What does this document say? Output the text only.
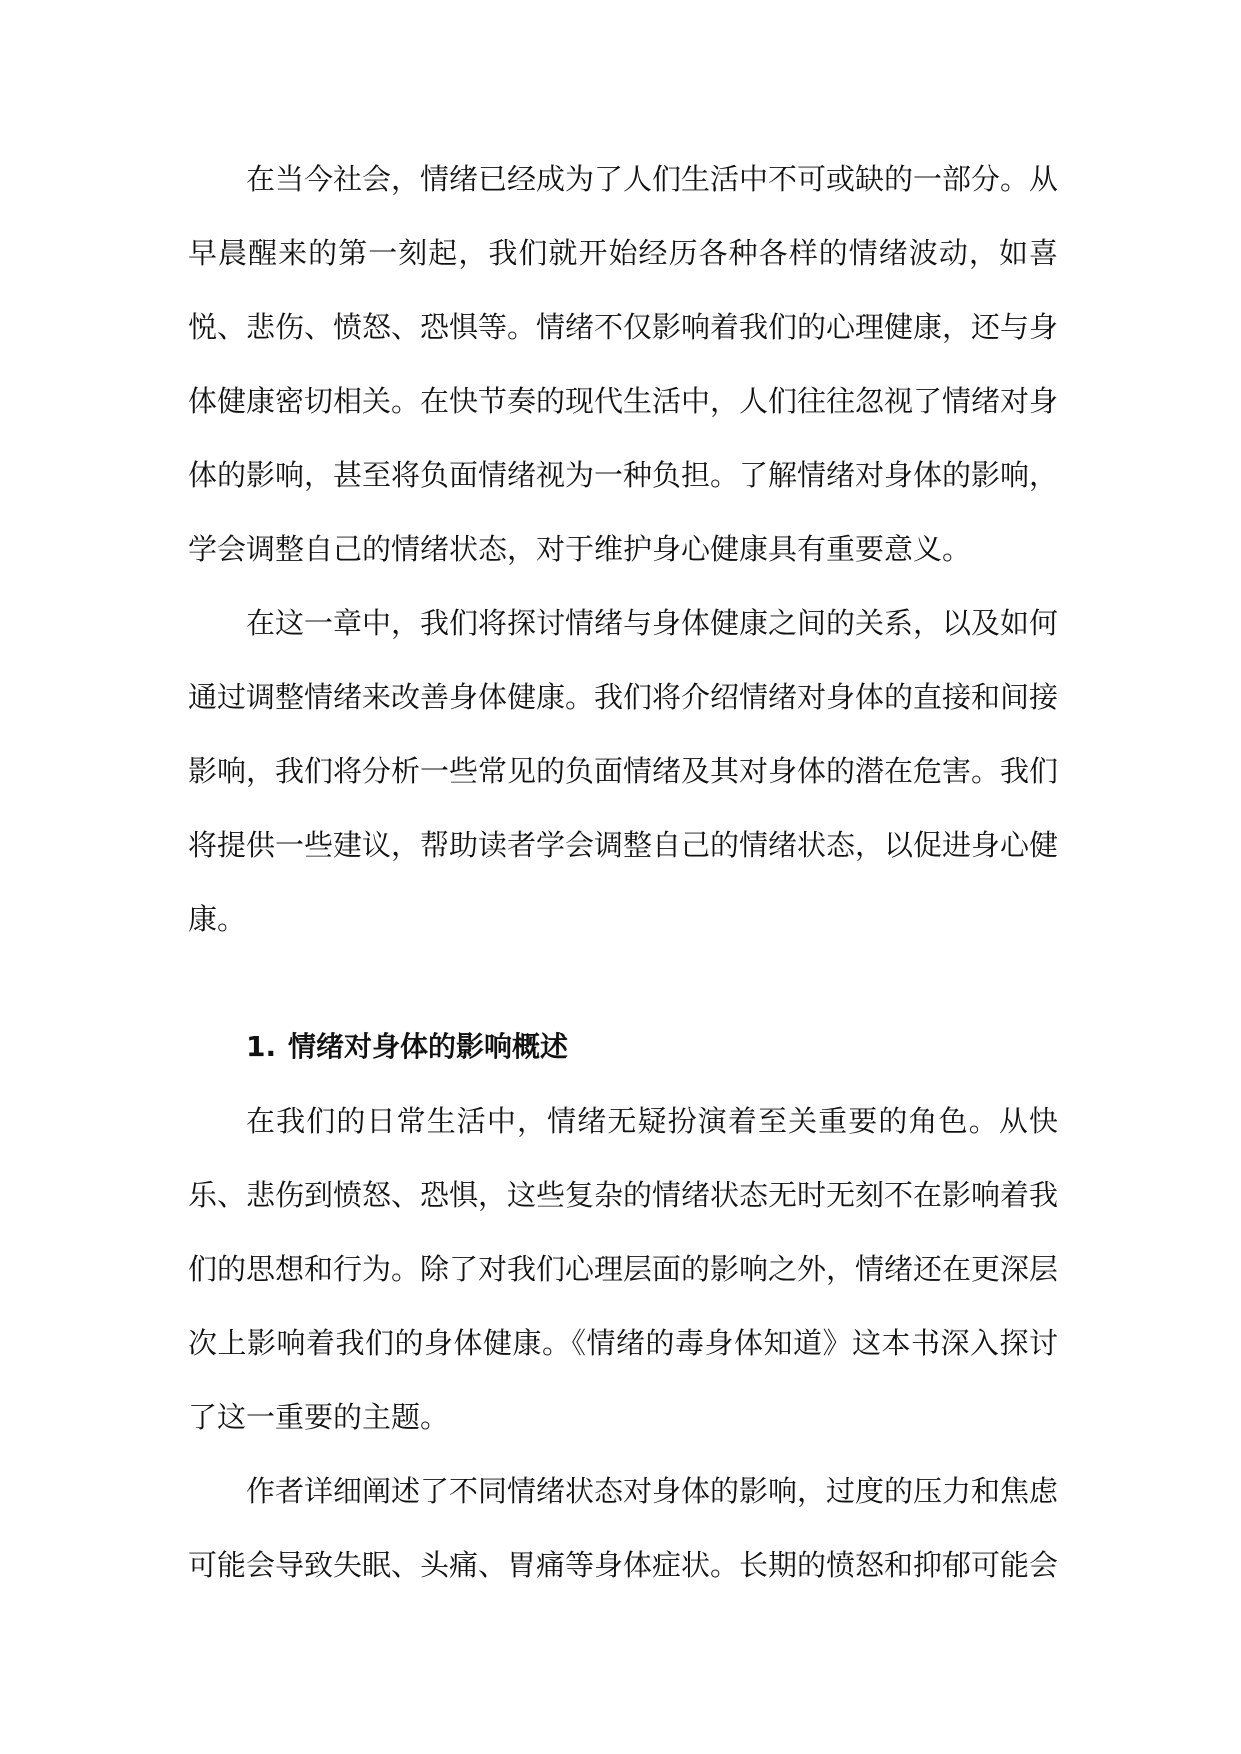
在当今社会，情绪已经成为了人们生活中不可或缺的一部分。从早晨醒来的第一刻起，我们就开始经历各种各样的情绪波动，如喜悦、悲伤、愤怒、恐惧等。情绪不仅影响着我们的心理健康，还与身体健康密切相关。在快节奏的现代生活中，人们往往忽视了情绪对身体的影响，甚至将负面情绪视为一种负担。了解情绪对身体的影响，学会调整自己的情绪状态，对于维护身心健康具有重要意义。

在这一章中，我们将探讨情绪与身体健康之间的关系，以及如何通过调整情绪来改善身体健康。我们将介绍情绪对身体的直接和间接影响，我们将分析一些常见的负面情绪及其对身体的潜在危害。我们将提供一些建议，帮助读者学会调整自己的情绪状态，以促进身心健康。

1. 情绪对身体的影响概述

在我们的日常生活中，情绪无疑扮演着至关重要的角色。从快乐、悲伤到愤怒、恐惧，这些复杂的情绪状态无时无刻不在影响着我们的思想和行为。除了对我们心理层面的影响之外，情绪还在更深层次上影响着我们的身体健康。《情绪的毒身体知道》这本书深入探讨了这一重要的主题。

作者详细阐述了不同情绪状态对身体的影响，过度的压力和焦虑可能会导致失眠、头痛、胃痛等身体症状。长期的愤怒和抑郁可能会
